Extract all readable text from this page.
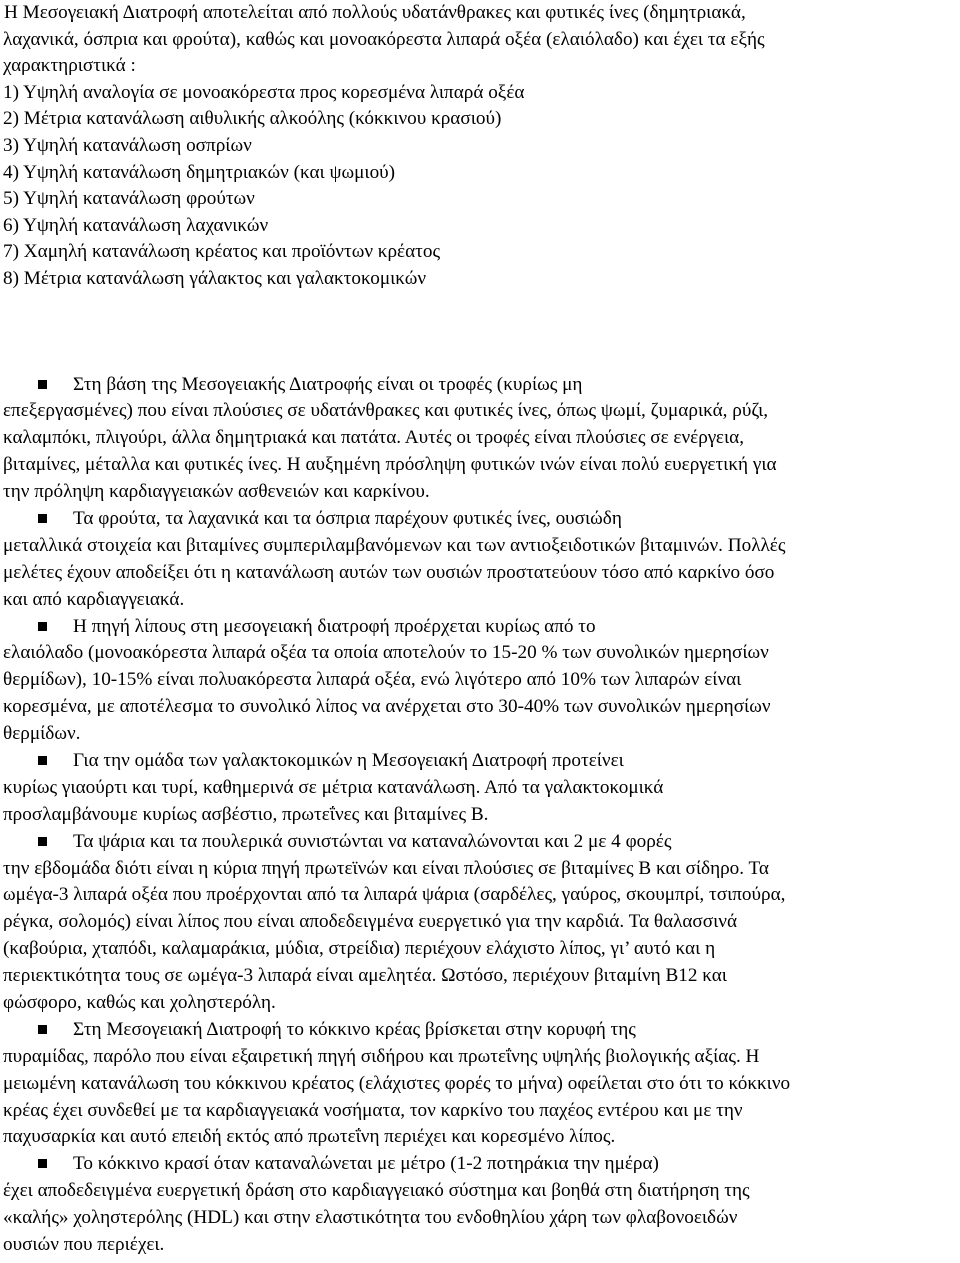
Η Μεσογειακή Διατροφή αποτελείται από πολλούς υδατάνθρακες και φυτικές ίνες (δημητριακά,
λαχανικά, όσπρια και φρούτα), καθώς και μονοακόρεστα λιπαρά οξέα (ελαιόλαδο) και έχει τα εξής
χαρακτηριστικά :
1) Υψηλή αναλογία σε μονοακόρεστα προς κορεσμένα λιπαρά οξέα
2) Μέτρια κατανάλωση αιθυλικής αλκοόλης (κόκκινου κρασιού)
3) Υψηλή κατανάλωση οσπρίων
4) Υψηλή κατανάλωση δημητριακών (και ψωμιού)
5) Υψηλή κατανάλωση φρούτων
6) Υψηλή κατανάλωση λαχανικών
7) Χαμηλή κατανάλωση κρέατος και προϊόντων κρέατος
8) Μέτρια κατανάλωση γάλακτος και γαλακτοκομικών
Στη βάση της Μεσογειακής Διατροφής είναι οι τροφές (κυρίως μη
επεξεργασμένες) που είναι πλούσιες σε υδατάνθρακες και φυτικές ίνες, όπως ψωμί, ζυμαρικά, ρύζι,
καλαμπόκι, πλιγούρι, άλλα δημητριακά και πατάτα. Αυτές οι τροφές είναι πλούσιες σε ενέργεια,
βιταμίνες, μέταλλα και φυτικές ίνες. Η αυξημένη πρόσληψη φυτικών ινών είναι πολύ ευεργετική για
την πρόληψη καρδιαγγειακών ασθενειών και καρκίνου.
Τα φρούτα, τα λαχανικά και τα όσπρια παρέχουν φυτικές ίνες, ουσιώδη
μεταλλικά στοιχεία και βιταμίνες συμπεριλαμβανόμενων και των αντιοξειδοτικών βιταμινών. Πολλές
μελέτες έχουν αποδείξει ότι η κατανάλωση αυτών των ουσιών προστατεύουν τόσο από καρκίνο όσο
και από καρδιαγγειακά.
Η πηγή λίπους στη μεσογειακή διατροφή προέρχεται κυρίως από το
ελαιόλαδο (μονοακόρεστα λιπαρά οξέα τα οποία αποτελούν το 15-20 % των συνολικών ημερησίων
θερμίδων), 10-15% είναι πολυακόρεστα λιπαρά οξέα, ενώ λιγότερο από 10% των λιπαρών είναι
κορεσμένα, με αποτέλεσμα το συνολικό λίπος να ανέρχεται στο 30-40% των συνολικών ημερησίων
θερμίδων.
Για την ομάδα των γαλακτοκομικών η Μεσογειακή Διατροφή προτείνει
κυρίως γιαούρτι και τυρί, καθημερινά σε μέτρια κατανάλωση. Από τα γαλακτοκομικά
προσλαμβάνουμε κυρίως ασβέστιο, πρωτεΐνες και βιταμίνες Β.
Τα ψάρια και τα πουλερικά συνιστώνται να καταναλώνονται και 2 με 4 φορές
την εβδομάδα διότι είναι η κύρια πηγή πρωτεϊνών και είναι πλούσιες σε βιταμίνες Β και σίδηρο. Τα
ωμέγα-3 λιπαρά οξέα που προέρχονται από τα λιπαρά ψάρια (σαρδέλες, γαύρος, σκουμπρί, τσιπούρα,
ρέγκα, σολομός) είναι λίπος που είναι αποδεδειγμένα ευεργετικό για την καρδιά. Τα θαλασσινά
(καβούρια, χταπόδι, καλαμαράκια, μύδια, στρείδια) περιέχουν ελάχιστο λίπος, γι’ αυτό και η
περιεκτικότητα τους σε ωμέγα-3 λιπαρά είναι αμελητέα. Ωστόσο, περιέχουν βιταμίνη Β12 και
φώσφορο, καθώς και χοληστερόλη.
Στη Μεσογειακή Διατροφή το κόκκινο κρέας βρίσκεται στην κορυφή της
πυραμίδας, παρόλο που είναι εξαιρετική πηγή σιδήρου και πρωτεΐνης υψηλής βιολογικής αξίας. Η
μειωμένη κατανάλωση του κόκκινου κρέατος (ελάχιστες φορές το μήνα) οφείλεται στο ότι το κόκκινο
κρέας έχει συνδεθεί με τα καρδιαγγειακά νοσήματα, τον καρκίνο του παχέος εντέρου και με την
παχυσαρκία και αυτό επειδή εκτός από πρωτεΐνη περιέχει και κορεσμένο λίπος.
Το κόκκινο κρασί όταν καταναλώνεται με μέτρο (1-2 ποτηράκια την ημέρα)
έχει αποδεδειγμένα ευεργετική δράση στο καρδιαγγειακό σύστημα και βοηθά στη διατήρηση της
«καλής» χοληστερόλης (HDL) και στην ελαστικότητα του ενδοθηλίου χάρη των φλαβονοειδών
ουσιών που περιέχει.
